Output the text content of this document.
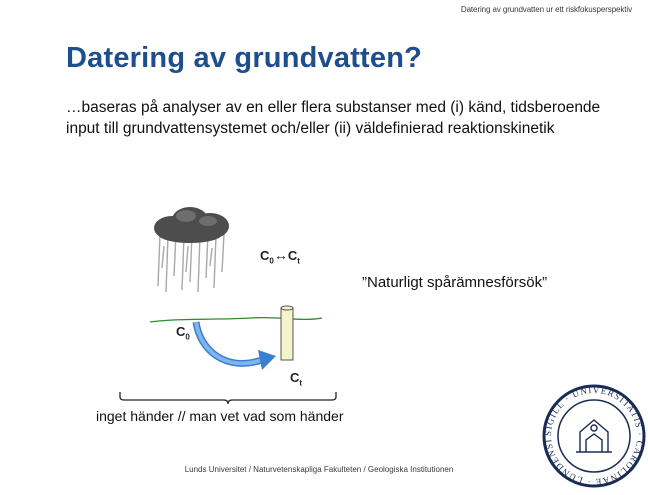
Datering av grundvatten ur ett riskfokusperspektiv
Datering av grundvatten?
…baseras på analyser av en eller flera substanser med (i) känd, tidsberoende input till grundvattensystemet och/eller (ii) väldefinierad reaktionskinetik
$C_0\leftrightarrow C_t$
”Naturligt spårämnesförsök”
$C_0$
$C_t$
inget händer // man vet vad som händer
SIGILL · UNIVERSITATIS · CAROLINAE · LUNDENSI
Lunds Universitet / Naturvetenskapliga Fakulteten / Geologiska Institutionen
